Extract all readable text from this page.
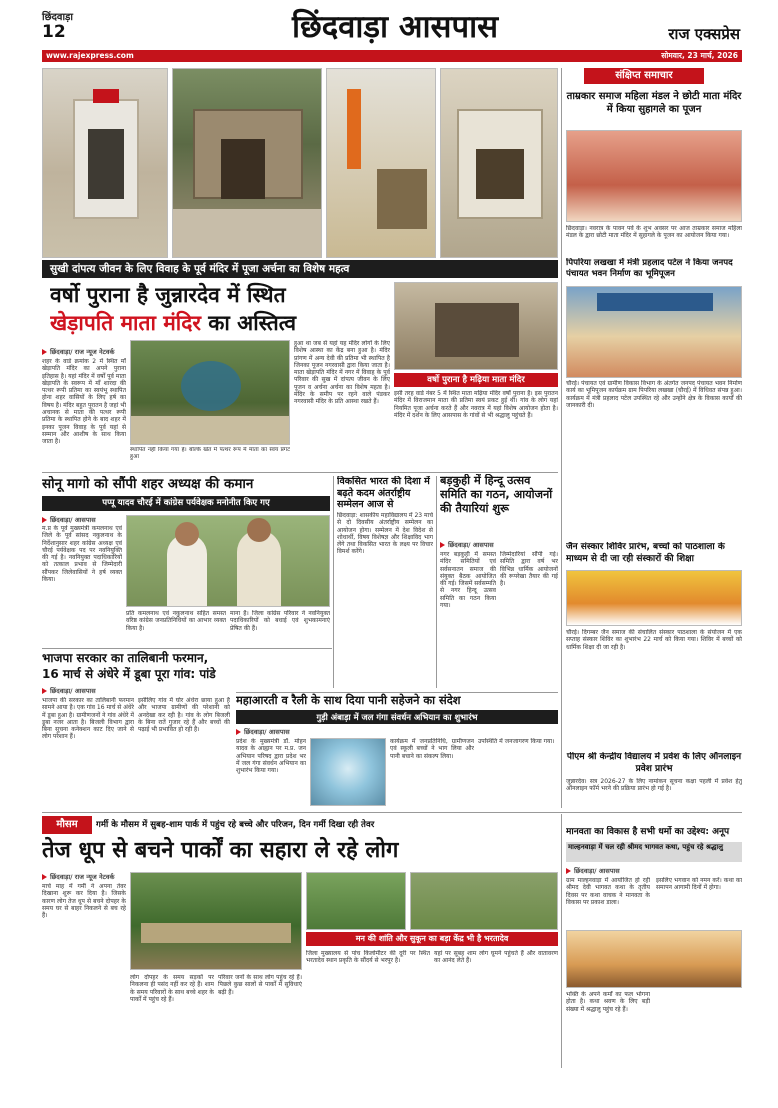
छिंदवाड़ा
12	छिंदवाड़ा आसपास	राज एक्सप्रेस
www.rajexpress.com	सोमवार, 23 मार्च, 2026
सुखी दांपत्य जीवन के लिए विवाह के पूर्व मंदिर में पूजा अर्चना का विशेष महत्व
वर्षो पुराना है जुन्नारदेव में स्थित
खेड़ापति माता मंदिर का अस्तित्व
वर्षो पुराना है मढ़िया माता मंदिर
छिंदवाड़ा/ राज न्यूज नेटवर्क
शहर के वार्ड क्रमांक 2 में स्थित माँ खेड़ापति मंदिर का अपने पुराना इतिहास है। यहां मंदिर में वर्षों पूर्व माता खेड़ापति के स्वरूप में माँ शारदा की पत्थर रूपी प्रतिमा का स्वयंभू स्थापित होना शहर वासियों के लिए हर्ष का विषय है। मंदिर बहुत पुरातन है जहां भी अचानक से माता की पत्थर रूपी प्रतिमा के स्थापित होने के बाद शहर में इनका पूजन विवाह के पूर्व यहां से सम्मान और आशीष के साथ किया जाता है।
स्थापित नहीं किया गया है। बल्कि खेत में पत्थर रूप में माता का स्वयं प्रगट हुआ
हुआ था जब से यहां यह मंदिर लोगों के लिए विशेष आस्था का केंद्र बना हुआ है। मंदिर प्रांगण में अन्य देवी की प्रतिमा भी स्थापित है जिनका पूजन नगरवासी द्वारा किया जाता है। माता खेड़ापति मंदिर में नगर में विवाह के पूर्व परिवार की सुख में दांपत्य जीवन के लिए पूजन व अर्चना अर्चना का विशेष महत्व है। मंदिर के समीप पर रहने वाले पंडकर नगरवासी मंदिर के प्रति आस्था रखते हैं।
इसी तरह वार्ड नंबर 5 में स्थित माता मढ़िया मंदिर वर्षों पुराना है। इस पुरातन मंदिर में विराजमान माता की प्रतिमा स्वयं प्रकट हुई थी। गांव के लोग यहां नियमित पूजा अर्चना करते हैं और नवरात्र में यहां विशेष आयोजन होता है। मंदिर में दर्शन के लिए आसपास के गांवों से भी श्रद्धालु पहुंचते हैं।
सोनू मागो को सौंपी शहर अध्यक्ष की कमान
पप्पू यादव चौरई में कांग्रेस पर्यवेक्षक मनोनीत किए गए
छिंदवाड़ा/ आसपास
म.प्र के पूर्व मुख्यमंत्री कमलनाथ एवं जिले के पूर्व सांसद नकुलनाथ के निर्देशानुसार शहर कांग्रेस अध्यक्ष एवं चौरई पर्यवेक्षक पद पर नवनियुक्ति की गई है। नवनियुक्त पदाधिकारियों को तत्काल प्रभाव से जिम्मेदारी सौंपकर जिलेवासियों ने हर्ष व्यक्त किया।
प्रति कमलनाथ एवं नकुलनाथ सहित समस्त वरिष्ठ कांग्रेस जनप्रतिनिधियों का आभार व्यक्त किया है।
माना है। जिला कांग्रेस परिवार ने नवनियुक्त पदाधिकारियों को बधाई एवं शुभकामनाएं प्रेषित की हैं।
विकसित भारत की दिशा में बढ़ते कदम अंतर्राष्ट्रीय सम्मेलन आज से
छिंदवाड़ा: शासकीय महाविद्यालय में 23 मार्च से दो दिवसीय अंतर्राष्ट्रीय सम्मेलन का आयोजन होगा। सम्मेलन में देश विदेश से शोधार्थी, विषय विशेषज्ञ और शिक्षाविद भाग लेंगे तथा विकसित भारत के लक्ष्य पर विचार विमर्श करेंगे।
बड़कुही में हिन्दू उत्सव समिति का गठन, आयोजनों की तैयारियां शुरू
छिंदवाड़ा/ आसपास
नगर बड़कुही में समस्त मंदिर समितियों एवं सर्वसनातन समाज की संयुक्त बैठक आयोजित की गई। जिसमें सर्वसम्मति से नगर हिन्दू उत्सव समिति का गठन किया गया।
जिम्मेदारियां सौंपी गई। समिति द्वारा वर्ष भर विभिन्न धार्मिक आयोजनों की रूपरेखा तैयार की गई है।
भाजपा सरकार का तालिबानी फरमान,
16 मार्च से अंधेरे में डूबा पूरा गांव: पांडे
छिंदवाड़ा/ आसपास
भाजपा की सरकार का तालिबानी फरमान सामने आया है। एक गांव 16 मार्च से अंधेरे में डूबा हुआ है। ग्रामीणजनों ने गांव अंधेरे में डूबा नजर आता है। बिजली विभाग द्वारा बिना सूचना कनेक्शन काट दिए जाने से लोग परेशान हैं।
इसीलिए गांव में घोर अंधेरा छाया हुआ है और भाजपा ग्रामीणों की परेशानी को अनदेखा कर रही है। गांव के लोग बिजली के बिना रातें गुजार रहे हैं और बच्चों की पढ़ाई भी प्रभावित हो रही है।
महाआरती व रैली के साथ दिया पानी सहेजने का संदेश
गुड़ी अंबाड़ा में जल गंगा संवर्धन अभियान का शुभारंभ
छिंदवाड़ा/ आसपास
प्रदेश के मुख्यमंत्री डॉ. मोहन यादव के आह्वान पर म.प्र. जन अभियान परिषद द्वारा प्रदेश भर में जल गंगा संवर्धन अभियान का शुभारंभ किया गया।
कार्यक्रम में जनप्रतिनिधि, ग्रामीणजन एवं स्कूली बच्चों ने भाग लिया और पानी बचाने का संकल्प लिया।
उपस्थिति में जनजागरण किया गया।
मौसम	गर्मी के मौसम में सुबह-शाम पार्क में पहुंच रहे बच्चे और परिजन, दिन गर्मी दिखा रही तेवर
तेज धूप से बचने पार्कों का सहारा ले रहे लोग
छिंदवाड़ा/ राज न्यूज नेटवर्क
मार्च माह में गर्मी ने अपना तेवर दिखाना शुरू कर दिया है। जिसके कारण लोग तेज धूप से बचने दोपहर के समय घर से बाहर निकलने से बच रहे हैं।
मन की शांति और सुकून का बड़ा केंद्र भी है भरतादेव
लोग दोपहर के समय सड़कों पर निकलना ही पसंद नहीं कर रहे हैं। शाम के समय परिवारों के साथ बच्चे शहर के पार्कों में पहुंच रहे हैं।
परिवार जनों के साथ लोग पहुंच रहे हैं। पिछले कुछ सालों से पार्कों में सुविधाएं बढ़ी हैं।
जिला मुख्यालय से पांच किलोमीटर की दूरी पर स्थित भरतादेव स्थान प्रकृति के सौंदर्य से भरपूर है।
यहां पर सुबह शाम लोग घूमने पहुंचते हैं और वातावरण का आनंद लेते हैं।
संक्षिप्त समाचार
ताम्रकार समाज महिला मंडल ने छोटी माता मंदिर में किया सुहागले का पूजन
छिंदवाड़ा। नवरात्र के पावन पर्व के शुभ अवसर पर आज ताम्रकार समाज महिला मंडल के द्वारा छोटी माता मंदिर में सुहागले के पूजन का आयोजन किया गया।
पिपरिया लखखा में मंत्री प्रहलाद पटेल ने किया जनपद पंचायत भवन निर्माण का भूमिपूजन
चौरई। पंचायत एवं ग्रामीण विकास विभाग के अंतर्गत जनपद पंचायत भवन निर्माण कार्य का भूमिपूजन कार्यक्रम ग्राम पिपरिया लखखा (चौरई) में विधिवत संपन्न हुआ। कार्यक्रम में मंत्री प्रहलाद पटेल उपस्थित रहे और उन्होंने क्षेत्र के विकास कार्यों की जानकारी दी।
जैन संस्कार शिविर प्रारंभ, बच्चों को पाठशाला के माध्यम से दी जा रही संस्कारों की शिक्षा
चौरई। दिगम्बर जैन समाज की संचालित संस्कार पाठशाला के संयोजन में एक सप्ताह संस्कार शिविर का शुभारंभ 22 मार्च को किया गया। शिविर में बच्चों को धार्मिक शिक्षा दी जा रही है।
पीएम श्री केन्द्रीय विद्यालय में प्रवेश के लिए ऑनलाइन प्रवेश प्रारंभ
जुन्नारदेव। सत्र 2026-27 के लिए नामांकन सूचना कक्षा पहली में प्रवेश हेतु ऑनलाइन फॉर्म भरने की प्रक्रिया प्रारंभ हो गई है।
मानवता का विकास है सभी धर्मो का उद्देश्य: अनूप
माल्हनवाड़ा में चल रही श्रीमद भागवत कथा, पहुंच रहे श्रद्धालु
छिंदवाड़ा/ आसपास
ग्राम माल्हनवाड़ा में आयोजित हो रही श्रीमद देवी भागवत कथा के तृतीय दिवस पर कथा वाचक ने मानवता के विकास पर प्रकाश डाला।
भक्ति के अपने कर्मों का फल भोगना होता है। कथा श्रवण के लिए बड़ी संख्या में श्रद्धालु पहुंच रहे हैं।
इसलिए भगवान को नमन करें। कथा का समापन आगामी दिनों में होगा।
